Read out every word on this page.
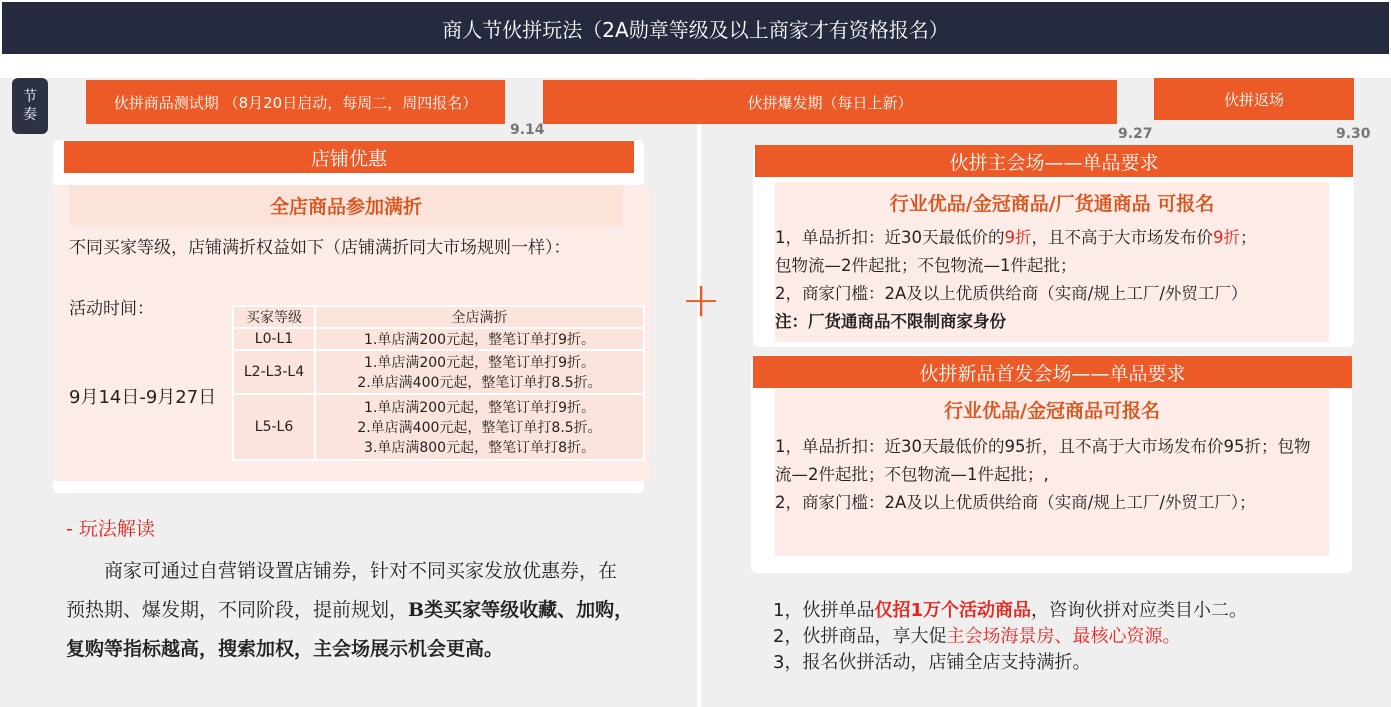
商人节伙拼玩法（2A勋章等级及以上商家才有资格报名）
节
奏
伙拼商品测试期 （8月20日启动，每周二，周四报名）	伙拼爆发期（每日上新）	伙拼返场
9.14	9.27	9.30
店铺优惠
全店商品参加满折
不同买家等级，店铺满折权益如下（店铺满折同大市场规则一样）：
活动时间：
9月14日-9月27日
买家等级	全店满折
L0-L1	1.单店满200元起，整笔订单打9折。

L2-L3-L4	1.单店满200元起，整笔订单打9折。
2.单店满400元起，整笔订单打8.5折。

L5-L6	1.单店满200元起，整笔订单打9折。
2.单店满400元起，整笔订单打8.5折。
3.单店满800元起，整笔订单打8折。
- 玩法解读
商家可通过自营销设置店铺券，针对不同买家发放优惠券，在预热期、爆发期，不同阶段，提前规划，B类买家等级收藏、加购，复购等指标越高，搜索加权，主会场展示机会更高。
+
伙拼主会场——单品要求
行业优品/金冠商品/厂货通商品 可报名
1，单品折扣：近30天最低价的9折，且不高于大市场发布价9折；
包物流—2件起批；不包物流—1件起批；
2，商家门槛：2A及以上优质供给商（实商/规上工厂/外贸工厂）
注：厂货通商品不限制商家身份
伙拼新品首发会场——单品要求
行业优品/金冠商品可报名
1，单品折扣：近30天最低价的95折，且不高于大市场发布价95折；包物流—2件起批；不包物流—1件起批；,
2，商家门槛：2A及以上优质供给商（实商/规上工厂/外贸工厂）；
1，伙拼单品仅招1万个活动商品，咨询伙拼对应类目小二。
2，伙拼商品，享大促主会场海景房、最核心资源。
3，报名伙拼活动，店铺全店支持满折。
